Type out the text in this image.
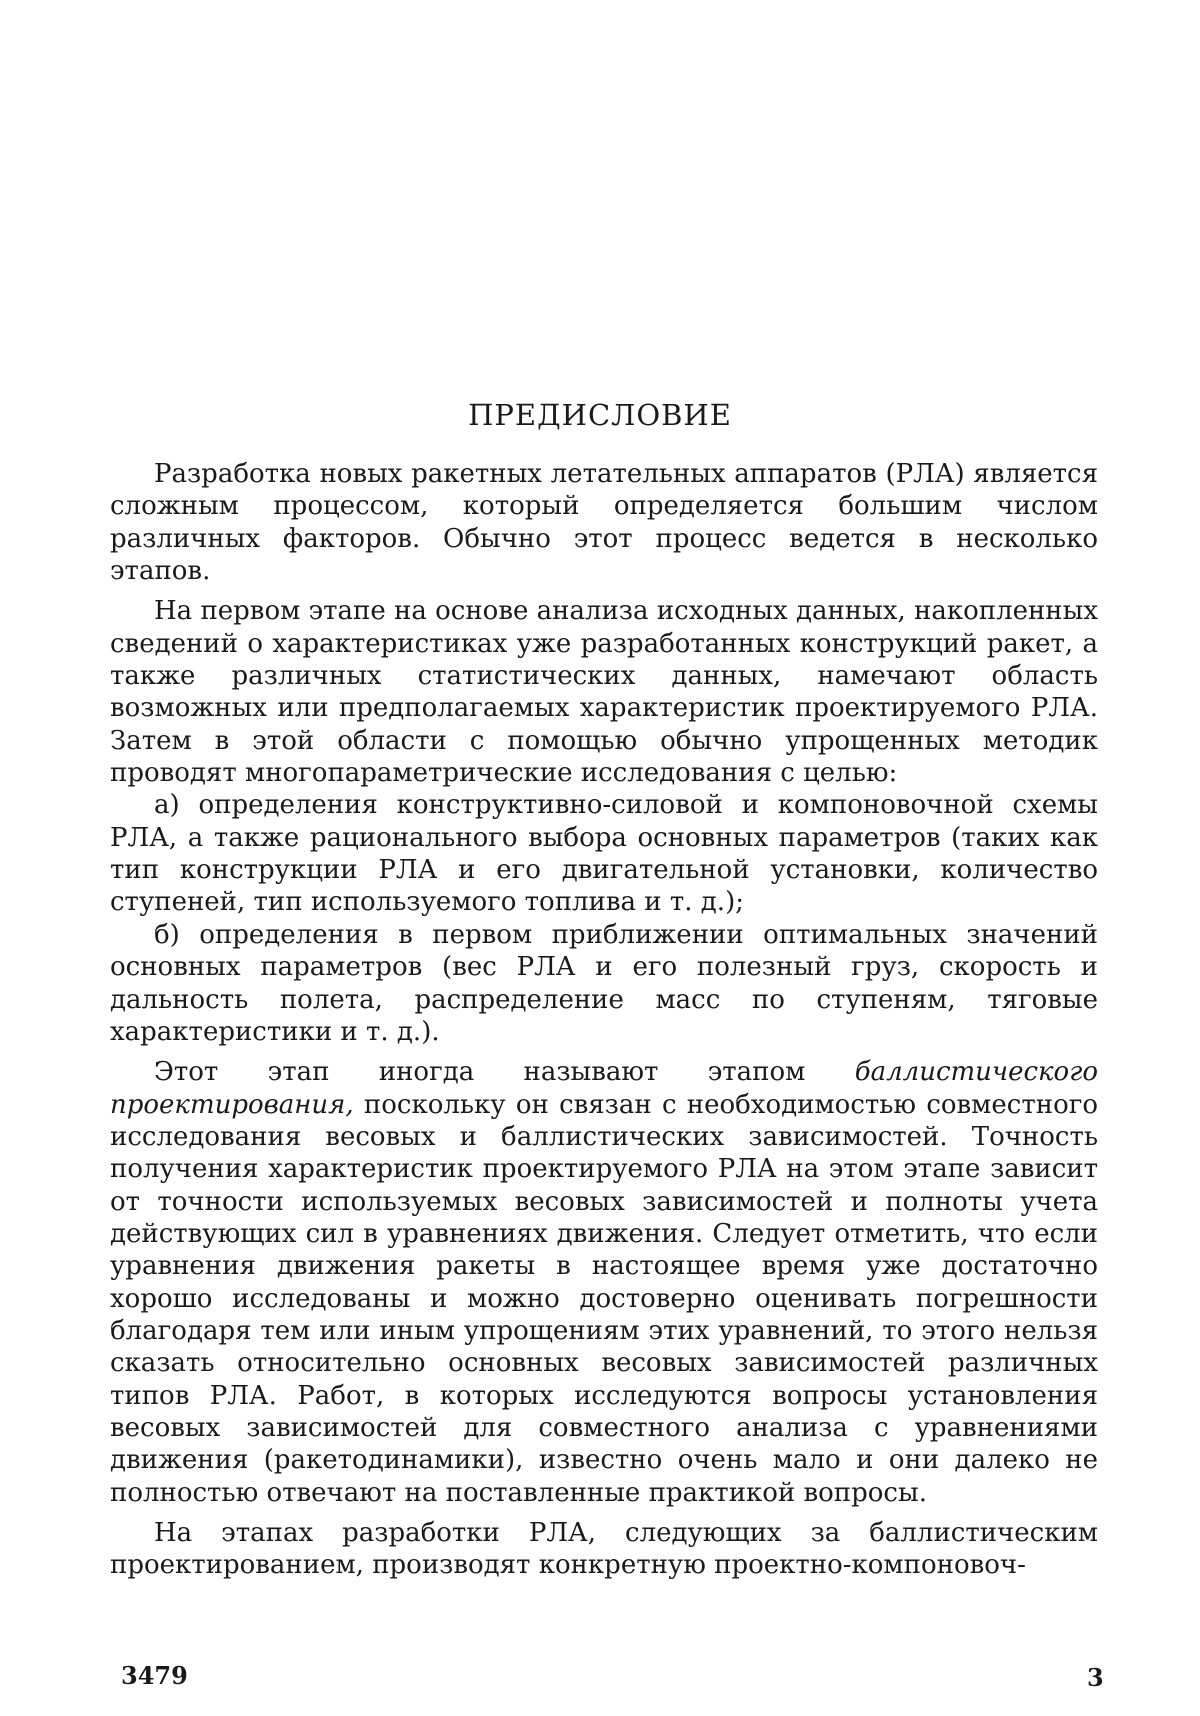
ПРЕДИСЛОВИЕ

Разработка новых ракетных летательных аппаратов (РЛА) является сложным процессом, который определяется большим числом различных факторов. Обычно этот процесс ведется в несколько этапов.

На первом этапе на основе анализа исходных данных, накопленных сведений о характеристиках уже разработанных конструкций ракет, а также различных статистических данных, намечают область возможных или предполагаемых характеристик проектируемого РЛА. Затем в этой области с помощью обычно упрощенных методик проводят многопараметрические исследования с целью:

а) определения конструктивно-силовой и компоновочной схемы РЛА, а также рационального выбора основных параметров (таких как тип конструкции РЛА и его двигательной установки, количество ступеней, тип используемого топлива и т. д.);

б) определения в первом приближении оптимальных значений основных параметров (вес РЛА и его полезный груз, скорость и дальность полета, распределение масс по ступеням, тяговые характеристики и т. д.).

Этот этап иногда называют этапом баллистического проектирования, поскольку он связан с необходимостью совместного исследования весовых и баллистических зависимостей. Точность получения характеристик проектируемого РЛА на этом этапе зависит от точности используемых весовых зависимостей и полноты учета действующих сил в уравнениях движения. Следует отметить, что если уравнения движения ракеты в настоящее время уже достаточно хорошо исследованы и можно достоверно оценивать погрешности благодаря тем или иным упрощениям этих уравнений, то этого нельзя сказать относительно основных весовых зависимостей различных типов РЛА. Работ, в которых исследуются вопросы установления весовых зависимостей для совместного анализа с уравнениями движения (ракетодинамики), известно очень мало и они далеко не полностью отвечают на поставленные практикой вопросы.

На этапах разработки РЛА, следующих за баллистическим проектированием, производят конкретную проектно-компоновоч-

3479	3
